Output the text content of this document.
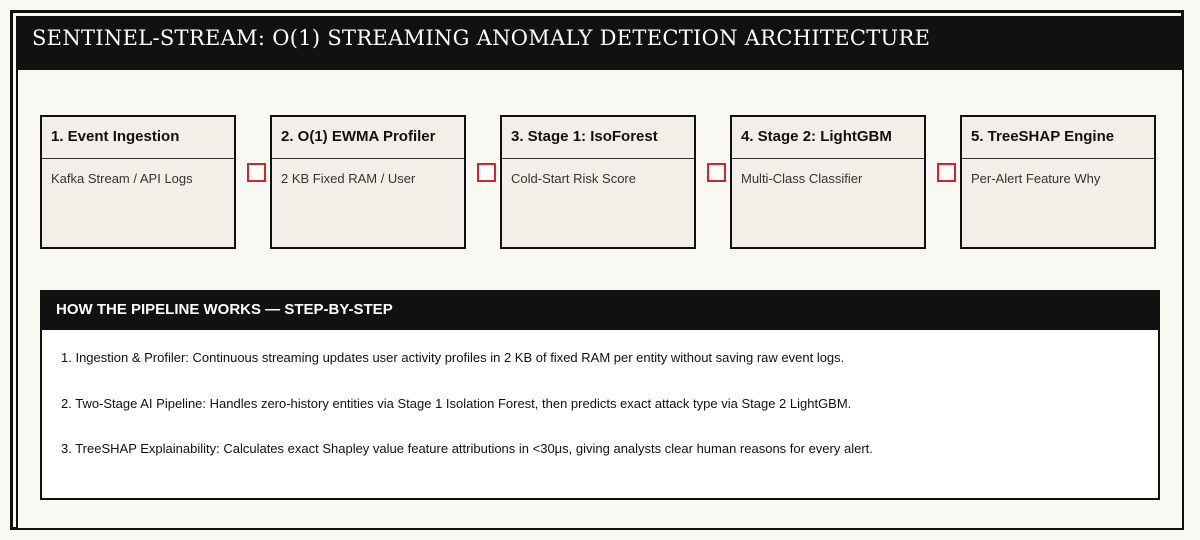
SENTINEL-STREAM: O(1) STREAMING ANOMALY DETECTION ARCHITECTURE
1. Event Ingestion
Kafka Stream / API Logs
2. O(1) EWMA Profiler
2 KB Fixed RAM / User
3. Stage 1: IsoForest
Cold-Start Risk Score
4. Stage 2: LightGBM
Multi-Class Classifier
5. TreeSHAP Engine
Per-Alert Feature Why
HOW THE PIPELINE WORKS — STEP-BY-STEP
1. Ingestion & Profiler: Continuous streaming updates user activity profiles in 2 KB of fixed RAM per entity without saving raw event logs.
2. Two-Stage AI Pipeline: Handles zero-history entities via Stage 1 Isolation Forest, then predicts exact attack type via Stage 2 LightGBM.
3. TreeSHAP Explainability: Calculates exact Shapley value feature attributions in <30μs, giving analysts clear human reasons for every alert.
